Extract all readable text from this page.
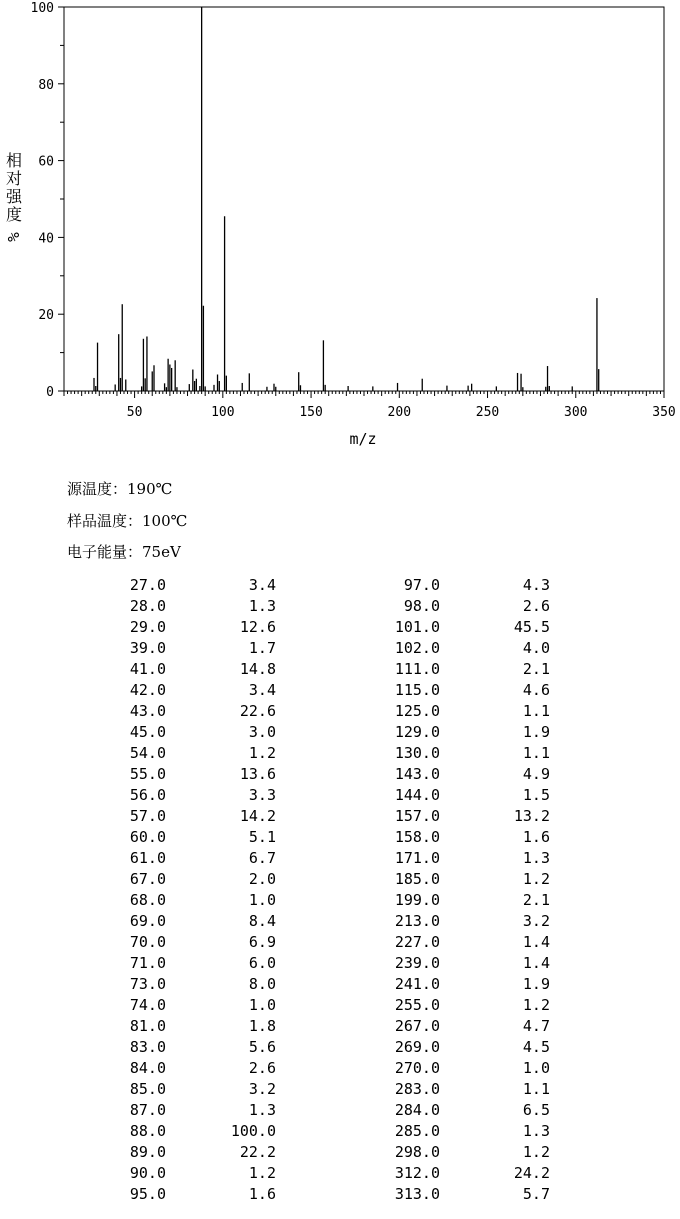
0
20
40
60
80
100
50	100	150	200	250	300	350
m/z
相
对
强
度
%
源温度：190℃
样品温度：100℃
电子能量：75eV
27.0	3.4
28.0	1.3
29.0	12.6
39.0	1.7
41.0	14.8
42.0	3.4
43.0	22.6
45.0	3.0
54.0	1.2
55.0	13.6
56.0	3.3
57.0	14.2
60.0	5.1
61.0	6.7
67.0	2.0
68.0	1.0
69.0	8.4
70.0	6.9
71.0	6.0
73.0	8.0
74.0	1.0
81.0	1.8
83.0	5.6
84.0	2.6
85.0	3.2
87.0	1.3
88.0	100.0
89.0	22.2
90.0	1.2
95.0	1.6
97.0	4.3
98.0	2.6
101.0	45.5
102.0	4.0
111.0	2.1
115.0	4.6
125.0	1.1
129.0	1.9
130.0	1.1
143.0	4.9
144.0	1.5
157.0	13.2
158.0	1.6
171.0	1.3
185.0	1.2
199.0	2.1
213.0	3.2
227.0	1.4
239.0	1.4
241.0	1.9
255.0	1.2
267.0	4.7
269.0	4.5
270.0	1.0
283.0	1.1
284.0	6.5
285.0	1.3
298.0	1.2
312.0	24.2
313.0	5.7
